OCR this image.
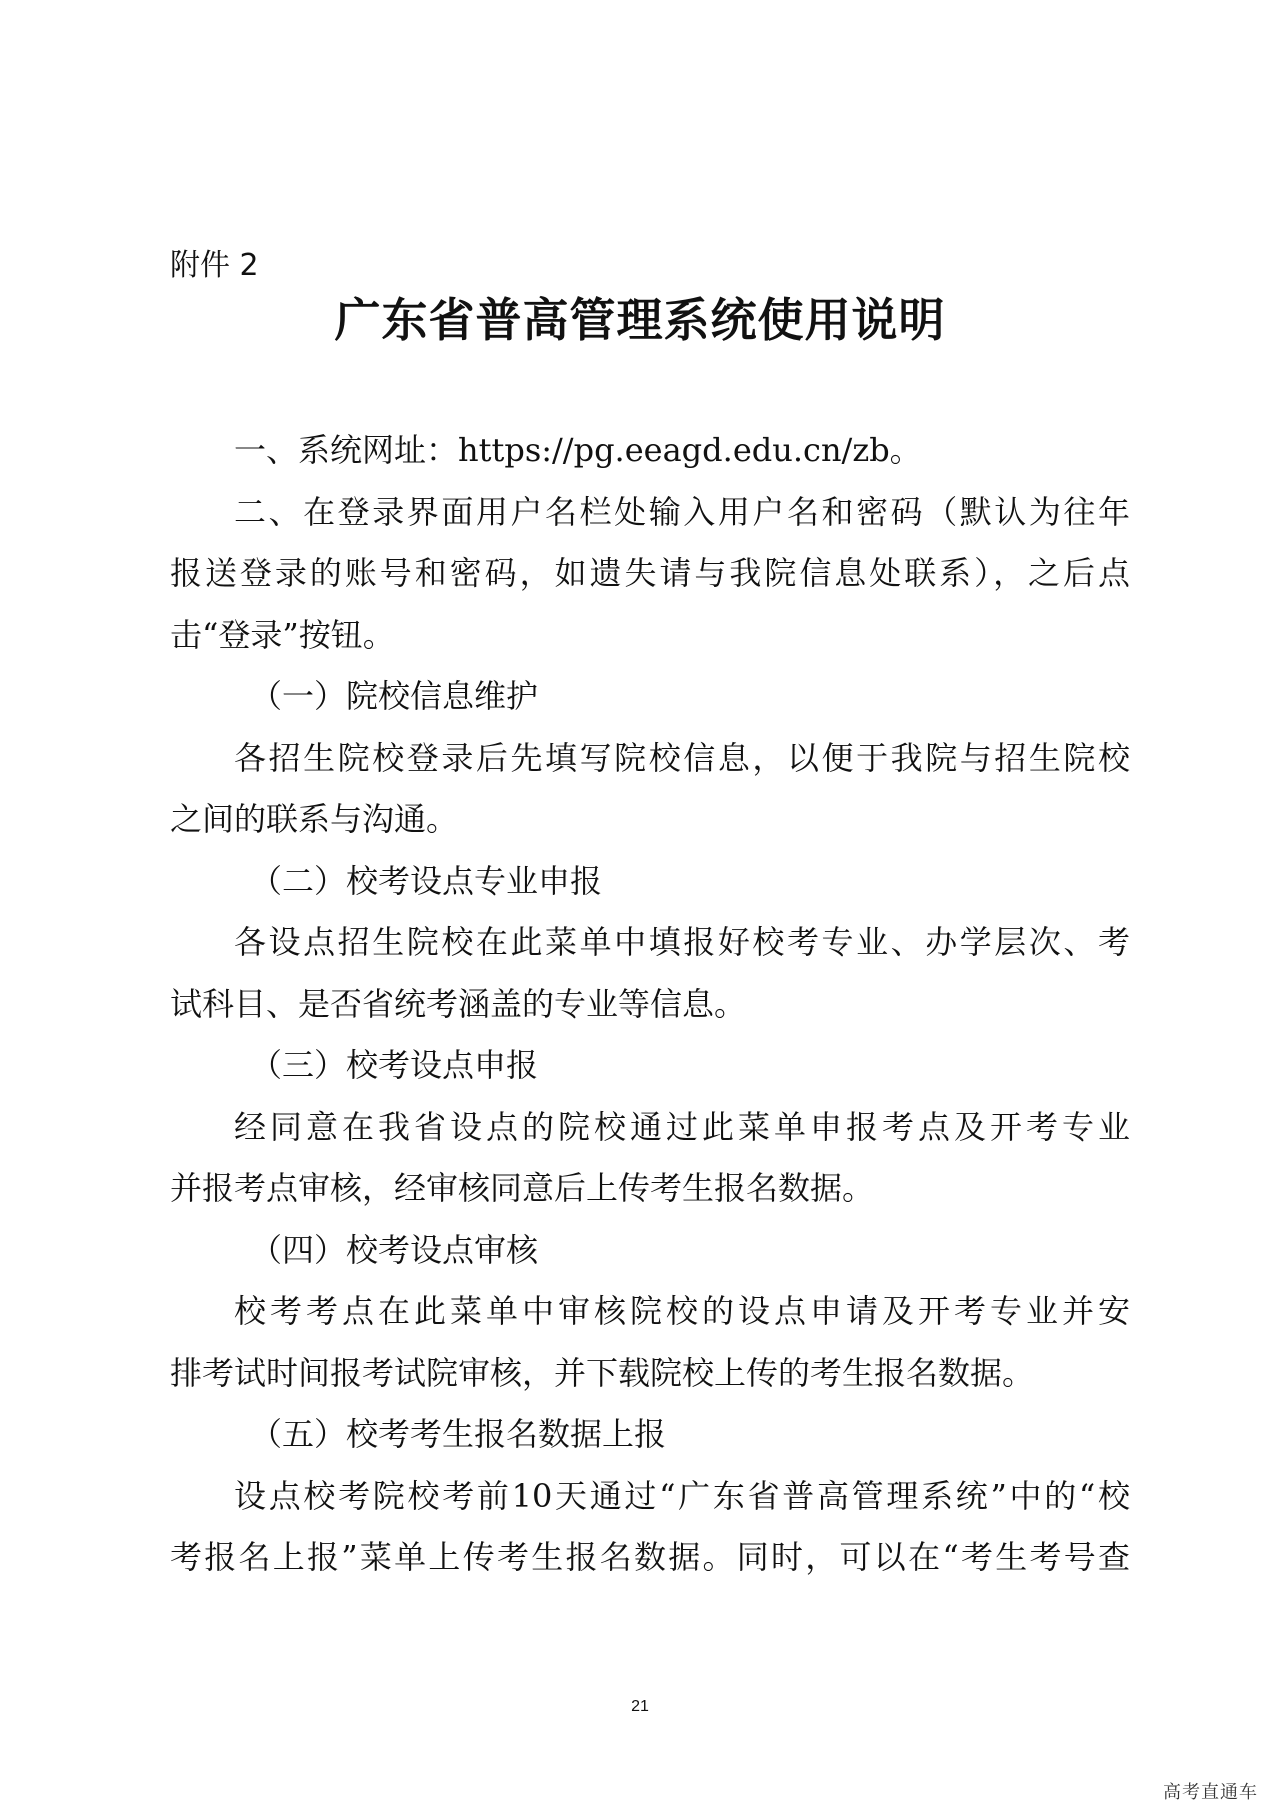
附件 2
广东省普高管理系统使用说明
一、系统网址：https://pg.eeagd.edu.cn/zb。
二、在登录界面用户名栏处输入用户名和密码（默认为往年
报送登录的账号和密码，如遗失请与我院信息处联系），之后点
击“登录”按钮。
（一）院校信息维护
各招生院校登录后先填写院校信息，以便于我院与招生院校
之间的联系与沟通。
（二）校考设点专业申报
各设点招生院校在此菜单中填报好校考专业、办学层次、考
试科目、是否省统考涵盖的专业等信息。
（三）校考设点申报
经同意在我省设点的院校通过此菜单申报考点及开考专业
并报考点审核，经审核同意后上传考生报名数据。
（四）校考设点审核
校考考点在此菜单中审核院校的设点申请及开考专业并安
排考试时间报考试院审核，并下载院校上传的考生报名数据。
（五）校考考生报名数据上报
设点校考院校考前10天通过“广东省普高管理系统”中的“校
考报名上报”菜单上传考生报名数据。同时，可以在“考生考号查
21
高考直通车
